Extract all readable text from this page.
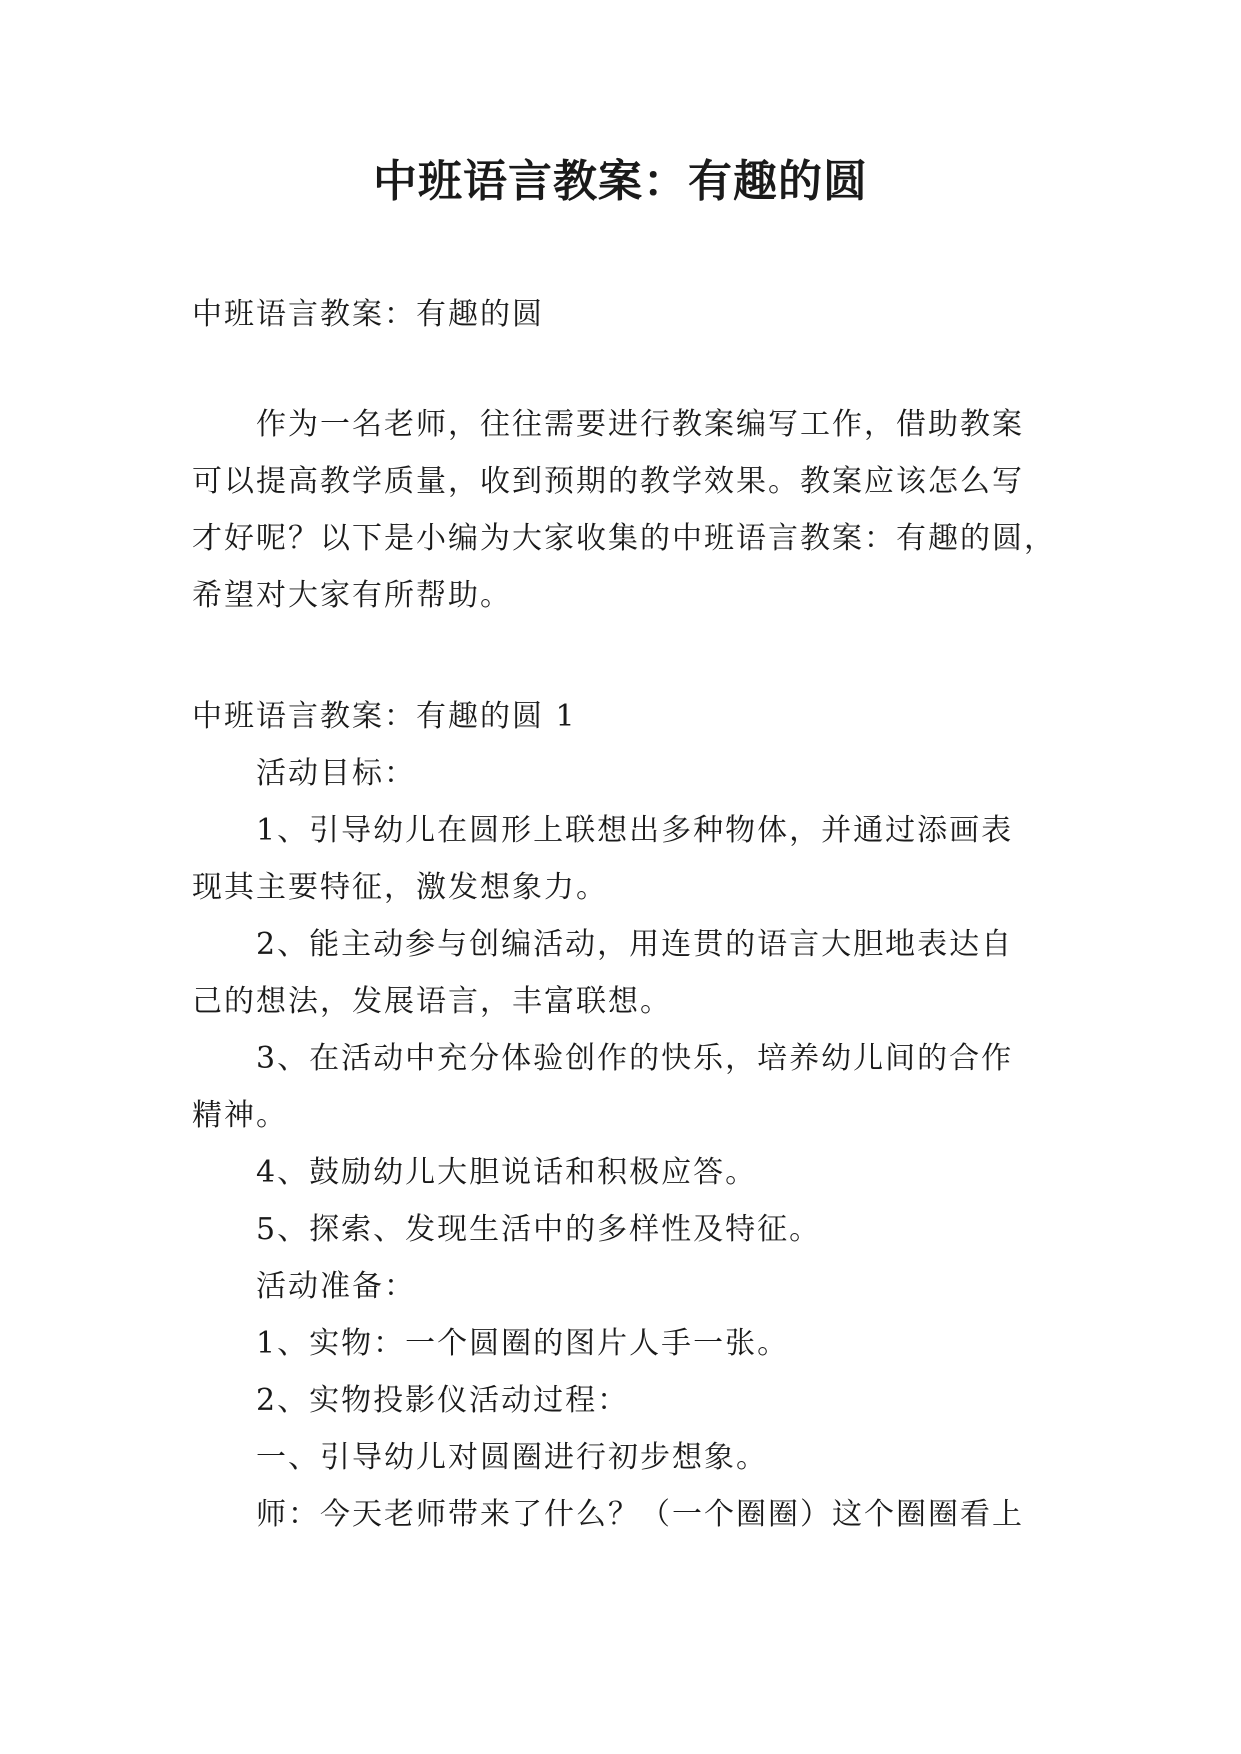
中班语言教案：有趣的圆

中班语言教案：有趣的圆

作为一名老师，往往需要进行教案编写工作，借助教案

可以提高教学质量，收到预期的教学效果。教案应该怎么写

才好呢？以下是小编为大家收集的中班语言教案：有趣的圆，

希望对大家有所帮助。

中班语言教案：有趣的圆 1

活动目标：

1、引导幼儿在圆形上联想出多种物体，并通过添画表

现其主要特征，激发想象力。

2、能主动参与创编活动，用连贯的语言大胆地表达自

己的想法，发展语言，丰富联想。

3、在活动中充分体验创作的快乐，培养幼儿间的合作

精神。

4、鼓励幼儿大胆说话和积极应答。

5、探索、发现生活中的多样性及特征。

活动准备：

1、实物：一个圆圈的图片人手一张。

2、实物投影仪活动过程：

一、引导幼儿对圆圈进行初步想象。

师：今天老师带来了什么？（一个圈圈）这个圈圈看上
